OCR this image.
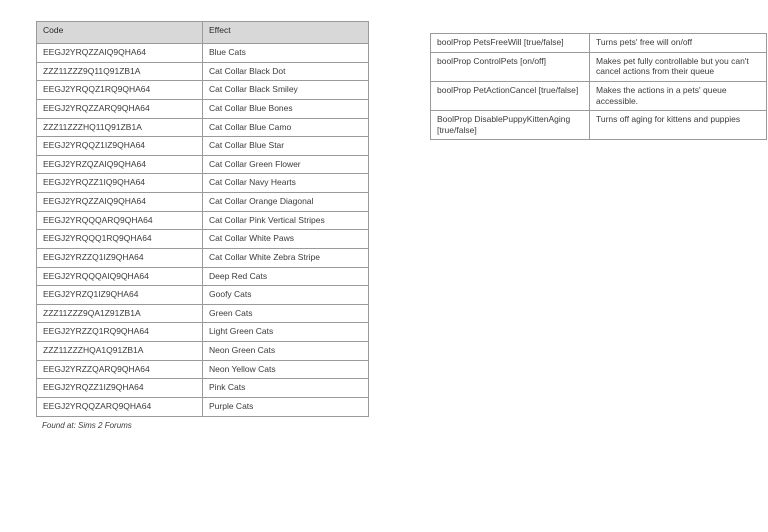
Code	Effect
EEGJ2YRQZZAIQ9QHA64	Blue Cats
ZZZ11ZZZ9Q11Q91ZB1A	Cat Collar Black Dot
EEGJ2YRQQZ1RQ9QHA64	Cat Collar Black Smiley
EEGJ2YRQZZARQ9QHA64	Cat Collar Blue Bones
ZZZ11ZZZHQ11Q91ZB1A	Cat Collar Blue Camo
EEGJ2YRQQZ1IZ9QHA64	Cat Collar Blue Star
EEGJ2YRZQZAIQ9QHA64	Cat Collar Green Flower
EEGJ2YRQZZ1IQ9QHA64	Cat Collar Navy Hearts
EEGJ2YRQZZAIQ9QHA64	Cat Collar Orange Diagonal
EEGJ2YRQQQARQ9QHA64	Cat Collar Pink Vertical Stripes
EEGJ2YRQQQ1RQ9QHA64	Cat Collar White Paws
EEGJ2YRZZQ1IZ9QHA64	Cat Collar White Zebra Stripe
EEGJ2YRQQQAIQ9QHA64	Deep Red Cats
EEGJ2YRZQ1IZ9QHA64	Goofy Cats
ZZZ11ZZZ9QA1Z91ZB1A	Green Cats
EEGJ2YRZZQ1RQ9QHA64	Light Green Cats
ZZZ11ZZZHQA1Q91ZB1A	Neon Green Cats
EEGJ2YRZZQARQ9QHA64	Neon Yellow Cats
EEGJ2YRQZZ1IZ9QHA64	Pink Cats
EEGJ2YRQQZARQ9QHA64	Purple Cats
Found at: Sims 2 Forums
boolProp PetsFreeWill [true/false]	Turns pets' free will on/off
boolProp ControlPets [on/off]	Makes pet fully controllable but you can't cancel actions from their queue
boolProp PetActionCancel [true/false]	Makes the actions in a pets' queue accessible.
BoolProp DisablePuppyKittenAging [true/false]	Turns off aging for kittens and puppies
